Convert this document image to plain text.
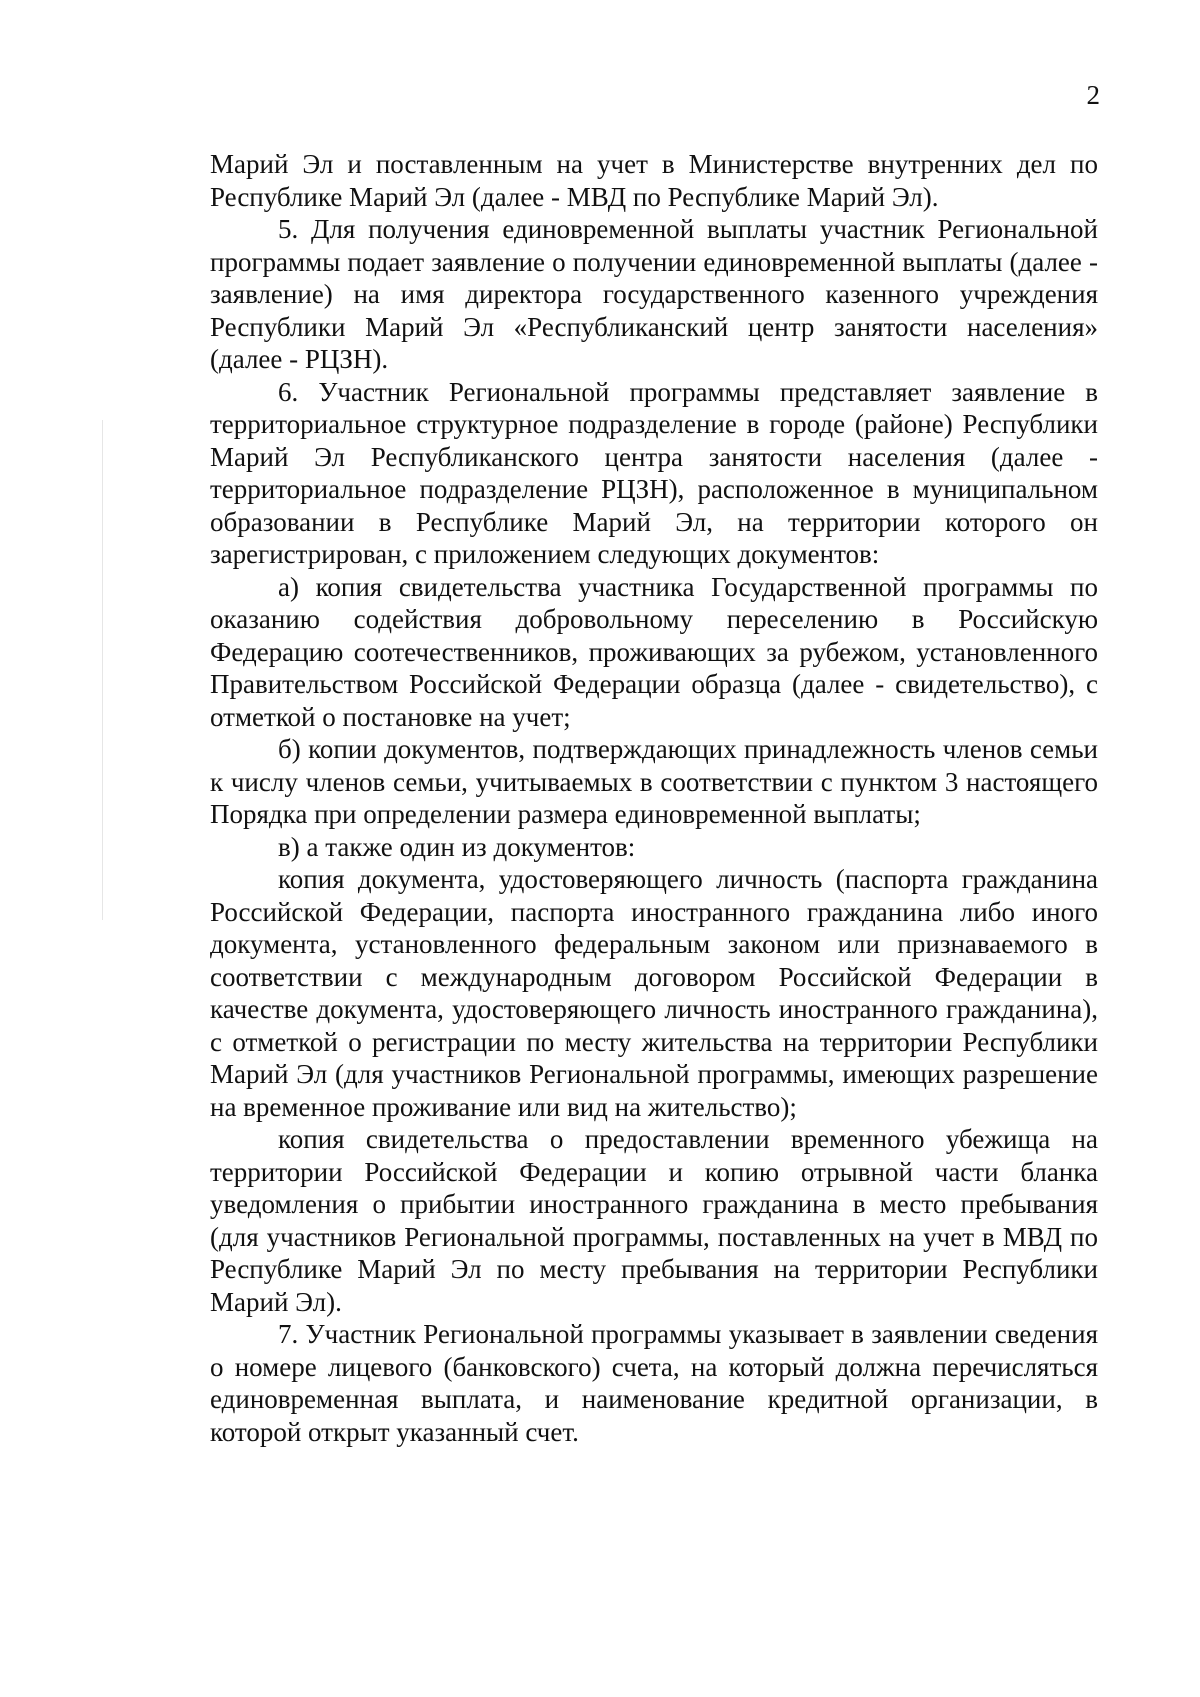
2

Марий Эл и поставленным на учет в Министерстве внутренних дел по Республике Марий Эл (далее - МВД по Республике Марий Эл).

5. Для получения единовременной выплаты участник Региональной программы подает заявление о получении единовременной выплаты (далее - заявление) на имя директора государственного казенного учреждения Республики Марий Эл «Республиканский центр занятости населения» (далее - РЦЗН).

6. Участник Региональной программы представляет заявление в территориальное структурное подразделение в городе (районе) Республики Марий Эл Республиканского центра занятости населения (далее - территориальное подразделение РЦЗН), расположенное в муниципальном образовании в Республике Марий Эл, на территории которого он зарегистрирован, с приложением следующих документов:

а) копия свидетельства участника Государственной программы по оказанию содействия добровольному переселению в Российскую Федерацию соотечественников, проживающих за рубежом, установленного Правительством Российской Федерации образца (далее - свидетельство), с отметкой о постановке на учет;

б) копии документов, подтверждающих принадлежность членов семьи к числу членов семьи, учитываемых в соответствии с пунктом 3 настоящего Порядка при определении размера единовременной выплаты;

в) а также один из документов:

копия документа, удостоверяющего личность (паспорта гражданина Российской Федерации, паспорта иностранного гражданина либо иного документа, установленного федеральным законом или признаваемого в соответствии с международным договором Российской Федерации в качестве документа, удостоверяющего личность иностранного гражданина), с отметкой о регистрации по месту жительства на территории Республики Марий Эл (для участников Региональной программы, имеющих разрешение на временное проживание или вид на жительство);

копия свидетельства о предоставлении временного убежища на территории Российской Федерации и копию отрывной части бланка уведомления о прибытии иностранного гражданина в место пребывания (для участников Региональной программы, поставленных на учет в МВД по Республике Марий Эл по месту пребывания на территории Республики Марий Эл).

7. Участник Региональной программы указывает в заявлении сведения о номере лицевого (банковского) счета, на который должна перечисляться единовременная выплата, и наименование кредитной организации, в которой открыт указанный счет.
